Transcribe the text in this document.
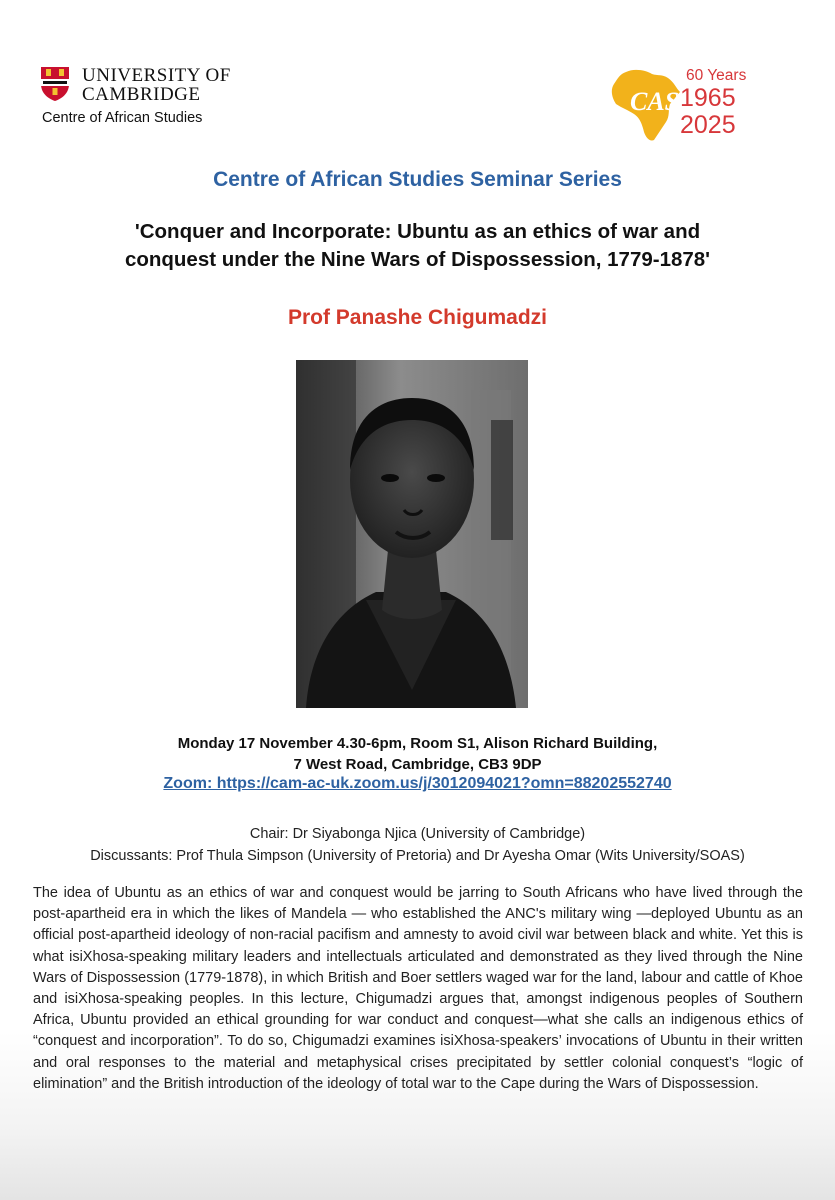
UNIVERSITY OF
CAMBRIDGE
Centre of African Studies
CAS
60 Years
1965
2025
Centre of African Studies Seminar Series
'Conquer and Incorporate: Ubuntu as an ethics of war and conquest under the Nine Wars of Dispossession, 1779-1878'
Prof Panashe Chigumadzi
Monday 17 November 4.30-6pm, Room S1, Alison Richard Building,
7 West Road, Cambridge, CB3 9DP
Zoom: https://cam-ac-uk.zoom.us/j/3012094021?omn=88202552740
Chair: Dr Siyabonga Njica (University of Cambridge)
Discussants: Prof Thula Simpson (University of Pretoria) and Dr Ayesha Omar (Wits University/SOAS)
The idea of Ubuntu as an ethics of war and conquest would be jarring to South Africans who have lived through the post-apartheid era in which the likes of Mandela — who established the ANC's military wing —deployed Ubuntu as an official post-apartheid ideology of non-racial pacifism and amnesty to avoid civil war between black and white. Yet this is what isiXhosa-speaking military leaders and intellectuals articulated and demonstrated as they lived through the Nine Wars of Dispossession (1779-1878), in which British and Boer settlers waged war for the land, labour and cattle of Khoe and isiXhosa-speaking peoples. In this lecture, Chigumadzi argues that, amongst indigenous peoples of Southern Africa, Ubuntu provided an ethical grounding for war conduct and conquest—what she calls an indigenous ethics of “conquest and incorporation”. To do so, Chigumadzi examines isiXhosa-speakers’ invocations of Ubuntu in their written and oral responses to the material and metaphysical crises precipitated by settler colonial conquest’s “logic of elimination” and the British introduction of the ideology of total war to the Cape during the Wars of Dispossession.
